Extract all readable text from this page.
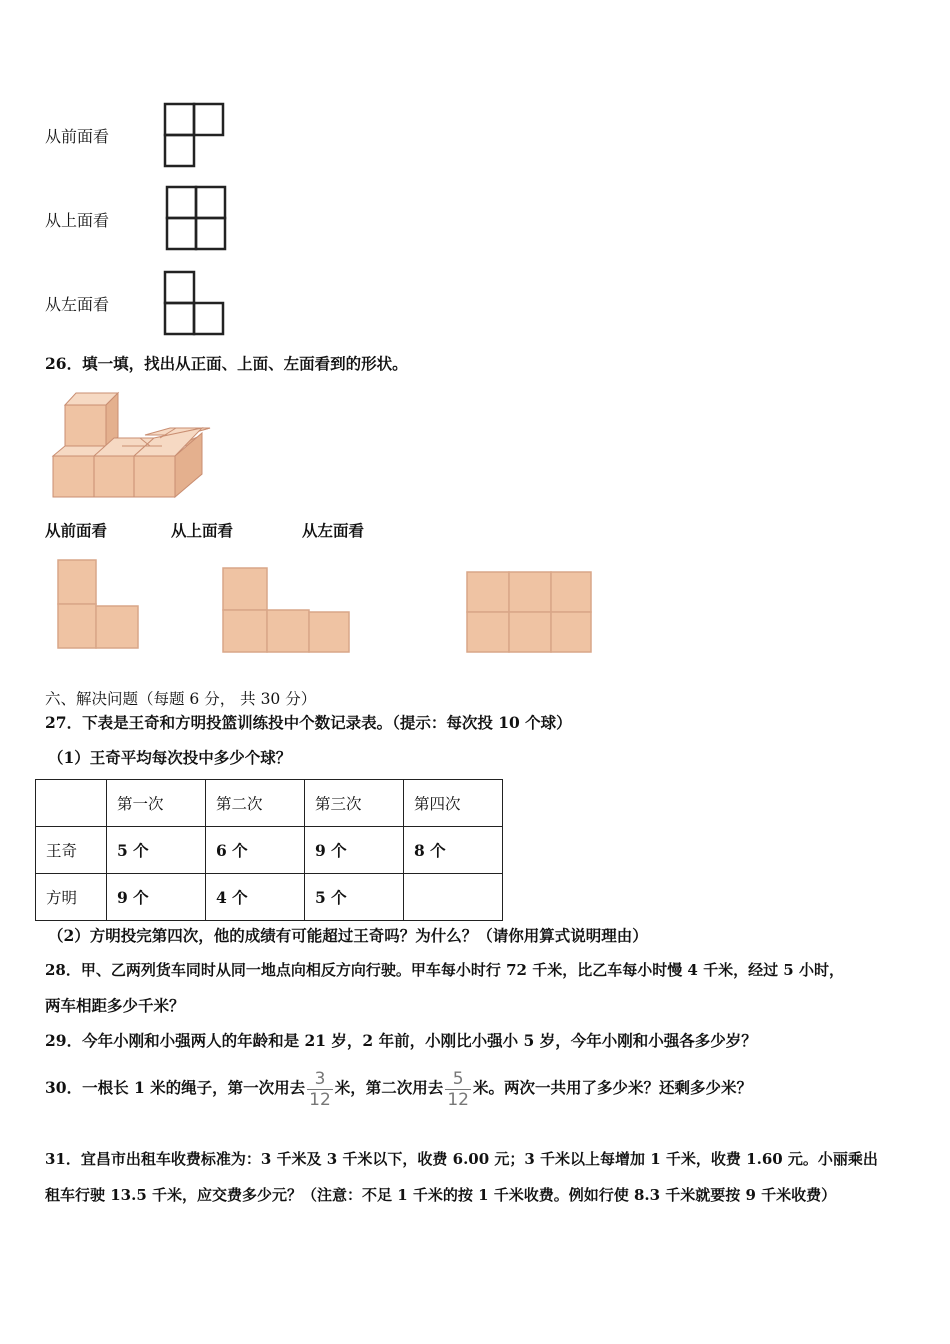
从前面看
从上面看
从左面看
26．填一填，找出从正面、上面、左面看到的形状。
从前面看	从上面看	从左面看
六、解决问题（每题 6 分， 共 30 分）
27．下表是王奇和方明投篮训练投中个数记录表。（提示：每次投 10 个球）
（1）王奇平均每次投中多少个球？
	第一次	第二次	第三次	第四次
王奇	5 个	6 个	9 个	8 个
方明	9 个	4 个	5 个	
（2）方明投完第四次，他的成绩有可能超过王奇吗？为什么？（请你用算式说明理由）
28．甲、乙两列货车同时从同一地点向相反方向行驶。甲车每小时行 72 千米，比乙车每小时慢 4 千米，经过 5 小时，
两车相距多少千米？
29．今年小刚和小强两人的年龄和是 21 岁，2 年前，小刚比小强小 5 岁，今年小刚和小强各多少岁？
30．一根长 1 米的绳子，第一次用去 $\frac{3}{12}$ 米，第二次用去 $\frac{5}{12}$ 米。两次一共用了多少米？还剩多少米？
31．宜昌市出租车收费标准为：3 千米及 3 千米以下，收费 6.00 元；3 千米以上每增加 1 千米，收费 1.60 元。小丽乘出
租车行驶 13.5 千米，应交费多少元？（注意：不足 1 千米的按 1 千米收费。例如行使 8.3 千米就要按 9 千米收费）
